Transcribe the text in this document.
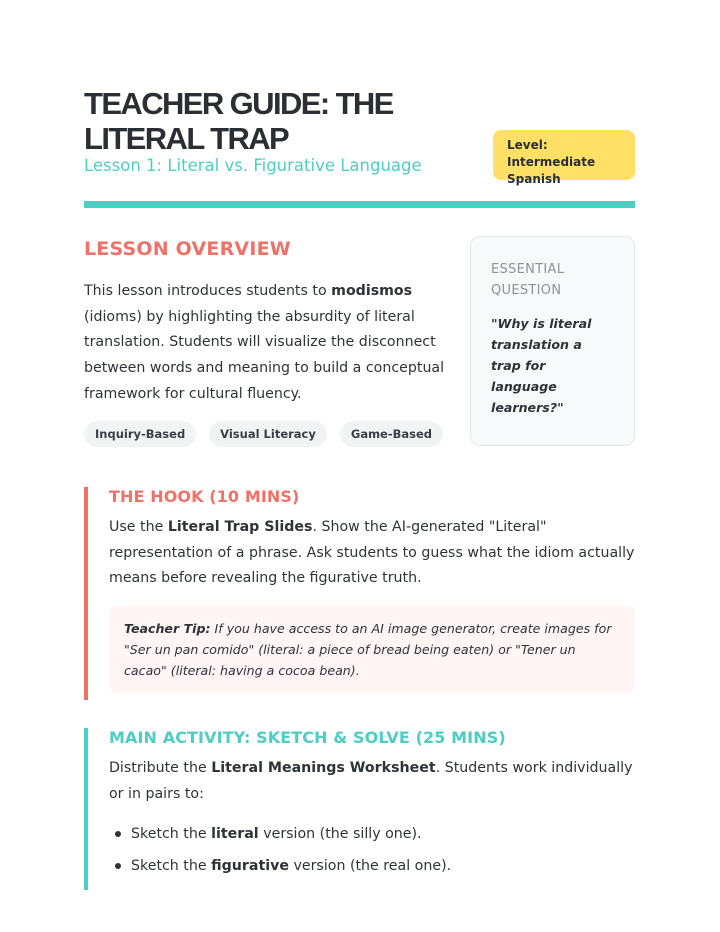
TEACHER GUIDE: THE LITERAL TRAP
Lesson 1: Literal vs. Figurative Language
Level: Intermediate Spanish
LESSON OVERVIEW

This lesson introduces students to modismos (idioms) by highlighting the absurdity of literal translation. Students will visualize the disconnect between words and meaning to build a conceptual framework for cultural fluency.

Inquiry-Based	Visual Literacy	Game-Based
ESSENTIAL QUESTION
"Why is literal translation a trap for language learners?"
THE HOOK (10 MINS)

Use the Literal Trap Slides. Show the AI-generated "Literal" representation of a phrase. Ask students to guess what the idiom actually means before revealing the figurative truth.

Teacher Tip: If you have access to an AI image generator, create images for "Ser un pan comido" (literal: a piece of bread being eaten) or "Tener un cacao" (literal: having a cocoa bean).
MAIN ACTIVITY: SKETCH & SOLVE (25 MINS)

Distribute the Literal Meanings Worksheet. Students work individually or in pairs to:

Sketch the literal version (the silly one).
Sketch the figurative version (the real one).
